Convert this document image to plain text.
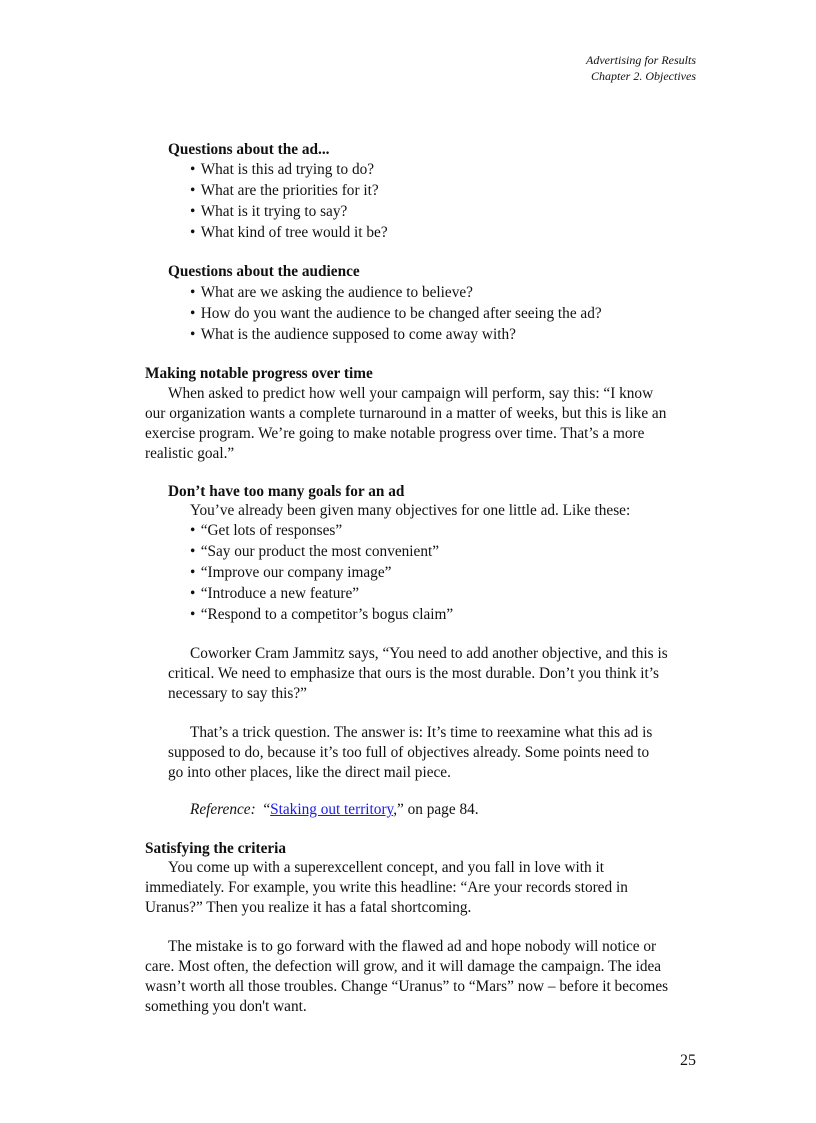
Advertising for Results
Chapter 2. Objectives
Questions about the ad...
• What is this ad trying to do?
• What are the priorities for it?
• What is it trying to say?
• What kind of tree would it be?
Questions about the audience
• What are we asking the audience to believe?
• How do you want the audience to be changed after seeing the ad?
• What is the audience supposed to come away with?
Making notable progress over time
When asked to predict how well your campaign will perform, say this: “I know
our organization wants a complete turnaround in a matter of weeks, but this is like an
exercise program. We’re going to make notable progress over time. That’s a more
realistic goal.”
Don’t have too many goals for an ad
You’ve already been given many objectives for one little ad. Like these:
• “Get lots of responses”
• “Say our product the most convenient”
• “Improve our company image”
• “Introduce a new feature”
• “Respond to a competitor’s bogus claim”
Coworker Cram Jammitz says, “You need to add another objective, and this is
critical. We need to emphasize that ours is the most durable. Don’t you think it’s
necessary to say this?”
That’s a trick question. The answer is: It’s time to reexamine what this ad is
supposed to do, because it’s too full of objectives already. Some points need to
go into other places, like the direct mail piece.
Reference: “Staking out territory,” on page 84.
Satisfying the criteria
You come up with a superexcellent concept, and you fall in love with it
immediately. For example, you write this headline: “Are your records stored in
Uranus?” Then you realize it has a fatal shortcoming.
The mistake is to go forward with the flawed ad and hope nobody will notice or
care. Most often, the defection will grow, and it will damage the campaign. The idea
wasn’t worth all those troubles. Change “Uranus” to “Mars” now – before it becomes
something you don't want.
25
